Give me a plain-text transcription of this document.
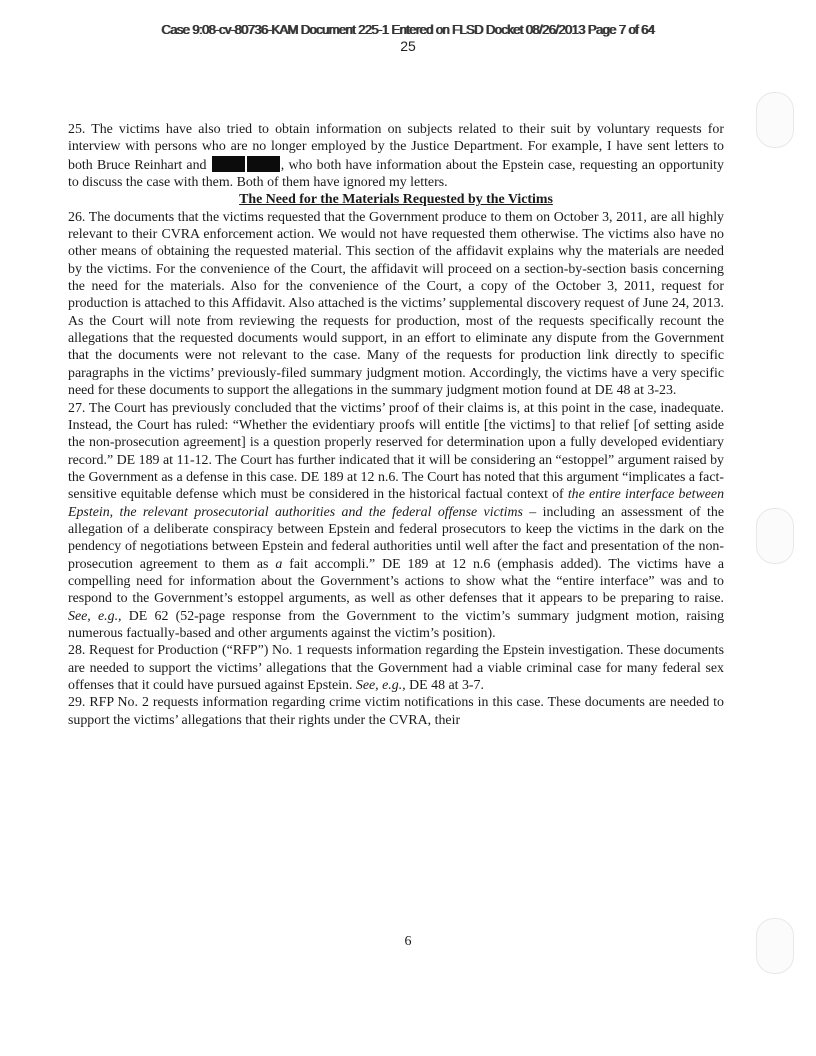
Case 9:08-cv-80736-KAM Document 225-1 Entered on FLSD Docket 08/26/2013 Page 7 of 64
25

25. The victims have also tried to obtain information on subjects related to their suit by voluntary requests for interview with persons who are no longer employed by the Justice Department. For example, I have sent letters to both Bruce Reinhart and	, who both have information about the Epstein case, requesting an opportunity to discuss the case with them. Both of them have ignored my letters.

The Need for the Materials Requested by the Victims

26. The documents that the victims requested that the Government produce to them on October 3, 2011, are all highly relevant to their CVRA enforcement action. We would not have requested them otherwise. The victims also have no other means of obtaining the requested material. This section of the affidavit explains why the materials are needed by the victims. For the convenience of the Court, the affidavit will proceed on a section-by-section basis concerning the need for the materials. Also for the convenience of the Court, a copy of the October 3, 2011, request for production is attached to this Affidavit. Also attached is the victims’ supplemental discovery request of June 24, 2013. As the Court will note from reviewing the requests for production, most of the requests specifically recount the allegations that the requested documents would support, in an effort to eliminate any dispute from the Government that the documents were not relevant to the case. Many of the requests for production link directly to specific paragraphs in the victims’ previously-filed summary judgment motion. Accordingly, the victims have a very specific need for these documents to support the allegations in the summary judgment motion found at DE 48 at 3-23.

27. The Court has previously concluded that the victims’ proof of their claims is, at this point in the case, inadequate. Instead, the Court has ruled: “Whether the evidentiary proofs will entitle [the victims] to that relief [of setting aside the non-prosecution agreement] is a question properly reserved for determination upon a fully developed evidentiary record.” DE 189 at 11-12. The Court has further indicated that it will be considering an “estoppel” argument raised by the Government as a defense in this case. DE 189 at 12 n.6. The Court has noted that this argument “implicates a fact-sensitive equitable defense which must be considered in the historical factual context of the entire interface between Epstein, the relevant prosecutorial authorities and the federal offense victims – including an assessment of the allegation of a deliberate conspiracy between Epstein and federal prosecutors to keep the victims in the dark on the pendency of negotiations between Epstein and federal authorities until well after the fact and presentation of the non-prosecution agreement to them as a fait accompli.” DE 189 at 12 n.6 (emphasis added). The victims have a compelling need for information about the Government’s actions to show what the “entire interface” was and to respond to the Government’s estoppel arguments, as well as other defenses that it appears to be preparing to raise. See, e.g., DE 62 (52-page response from the Government to the victim’s summary judgment motion, raising numerous factually-based and other arguments against the victim’s position).

28. Request for Production (“RFP”) No. 1 requests information regarding the Epstein investigation. These documents are needed to support the victims’ allegations that the Government had a viable criminal case for many federal sex offenses that it could have pursued against Epstein. See, e.g., DE 48 at 3-7.

29. RFP No. 2 requests information regarding crime victim notifications in this case. These documents are needed to support the victims’ allegations that their rights under the CVRA, their

6
